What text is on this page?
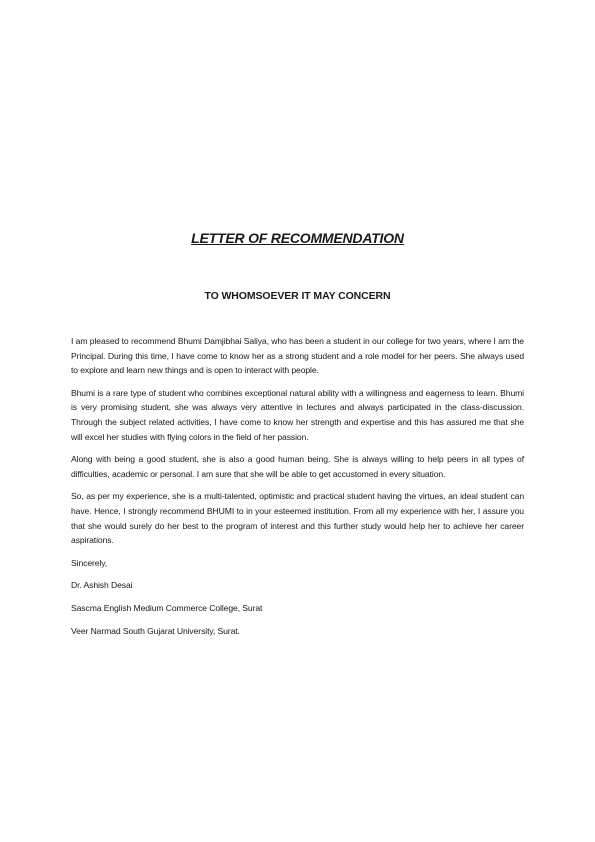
LETTER OF RECOMMENDATION
TO WHOMSOEVER IT MAY CONCERN

I am pleased to recommend Bhumi Damjibhai Saliya, who has been a student in our college for two years, where I am the Principal. During this time, I have come to know her as a strong student and a role model for her peers. She always used to explore and learn new things and is open to interact with people.

Bhumi is a rare type of student who combines exceptional natural ability with a willingness and eagerness to learn. Bhumi is very promising student, she was always very attentive in lectures and always participated in the class-discussion. Through the subject related activities, I have come to know her strength and expertise and this has assured me that she will excel her studies with flying colors in the field of her passion.

Along with being a good student, she is also a good human being. She is always willing to help peers in all types of difficulties, academic or personal. I am sure that she will be able to get accustomed in every situation.

So, as per my experience, she is a multi-talented, optimistic and practical student having the virtues, an ideal student can have. Hence, I strongly recommend BHUMI to in your esteemed institution. From all my experience with her, I assure you that she would surely do her best to the program of interest and this further study would help her to achieve her career aspirations.

Sincerely,

Dr. Ashish Desai

Sascma English Medium Commerce College, Surat

Veer Narmad South Gujarat University, Surat.
